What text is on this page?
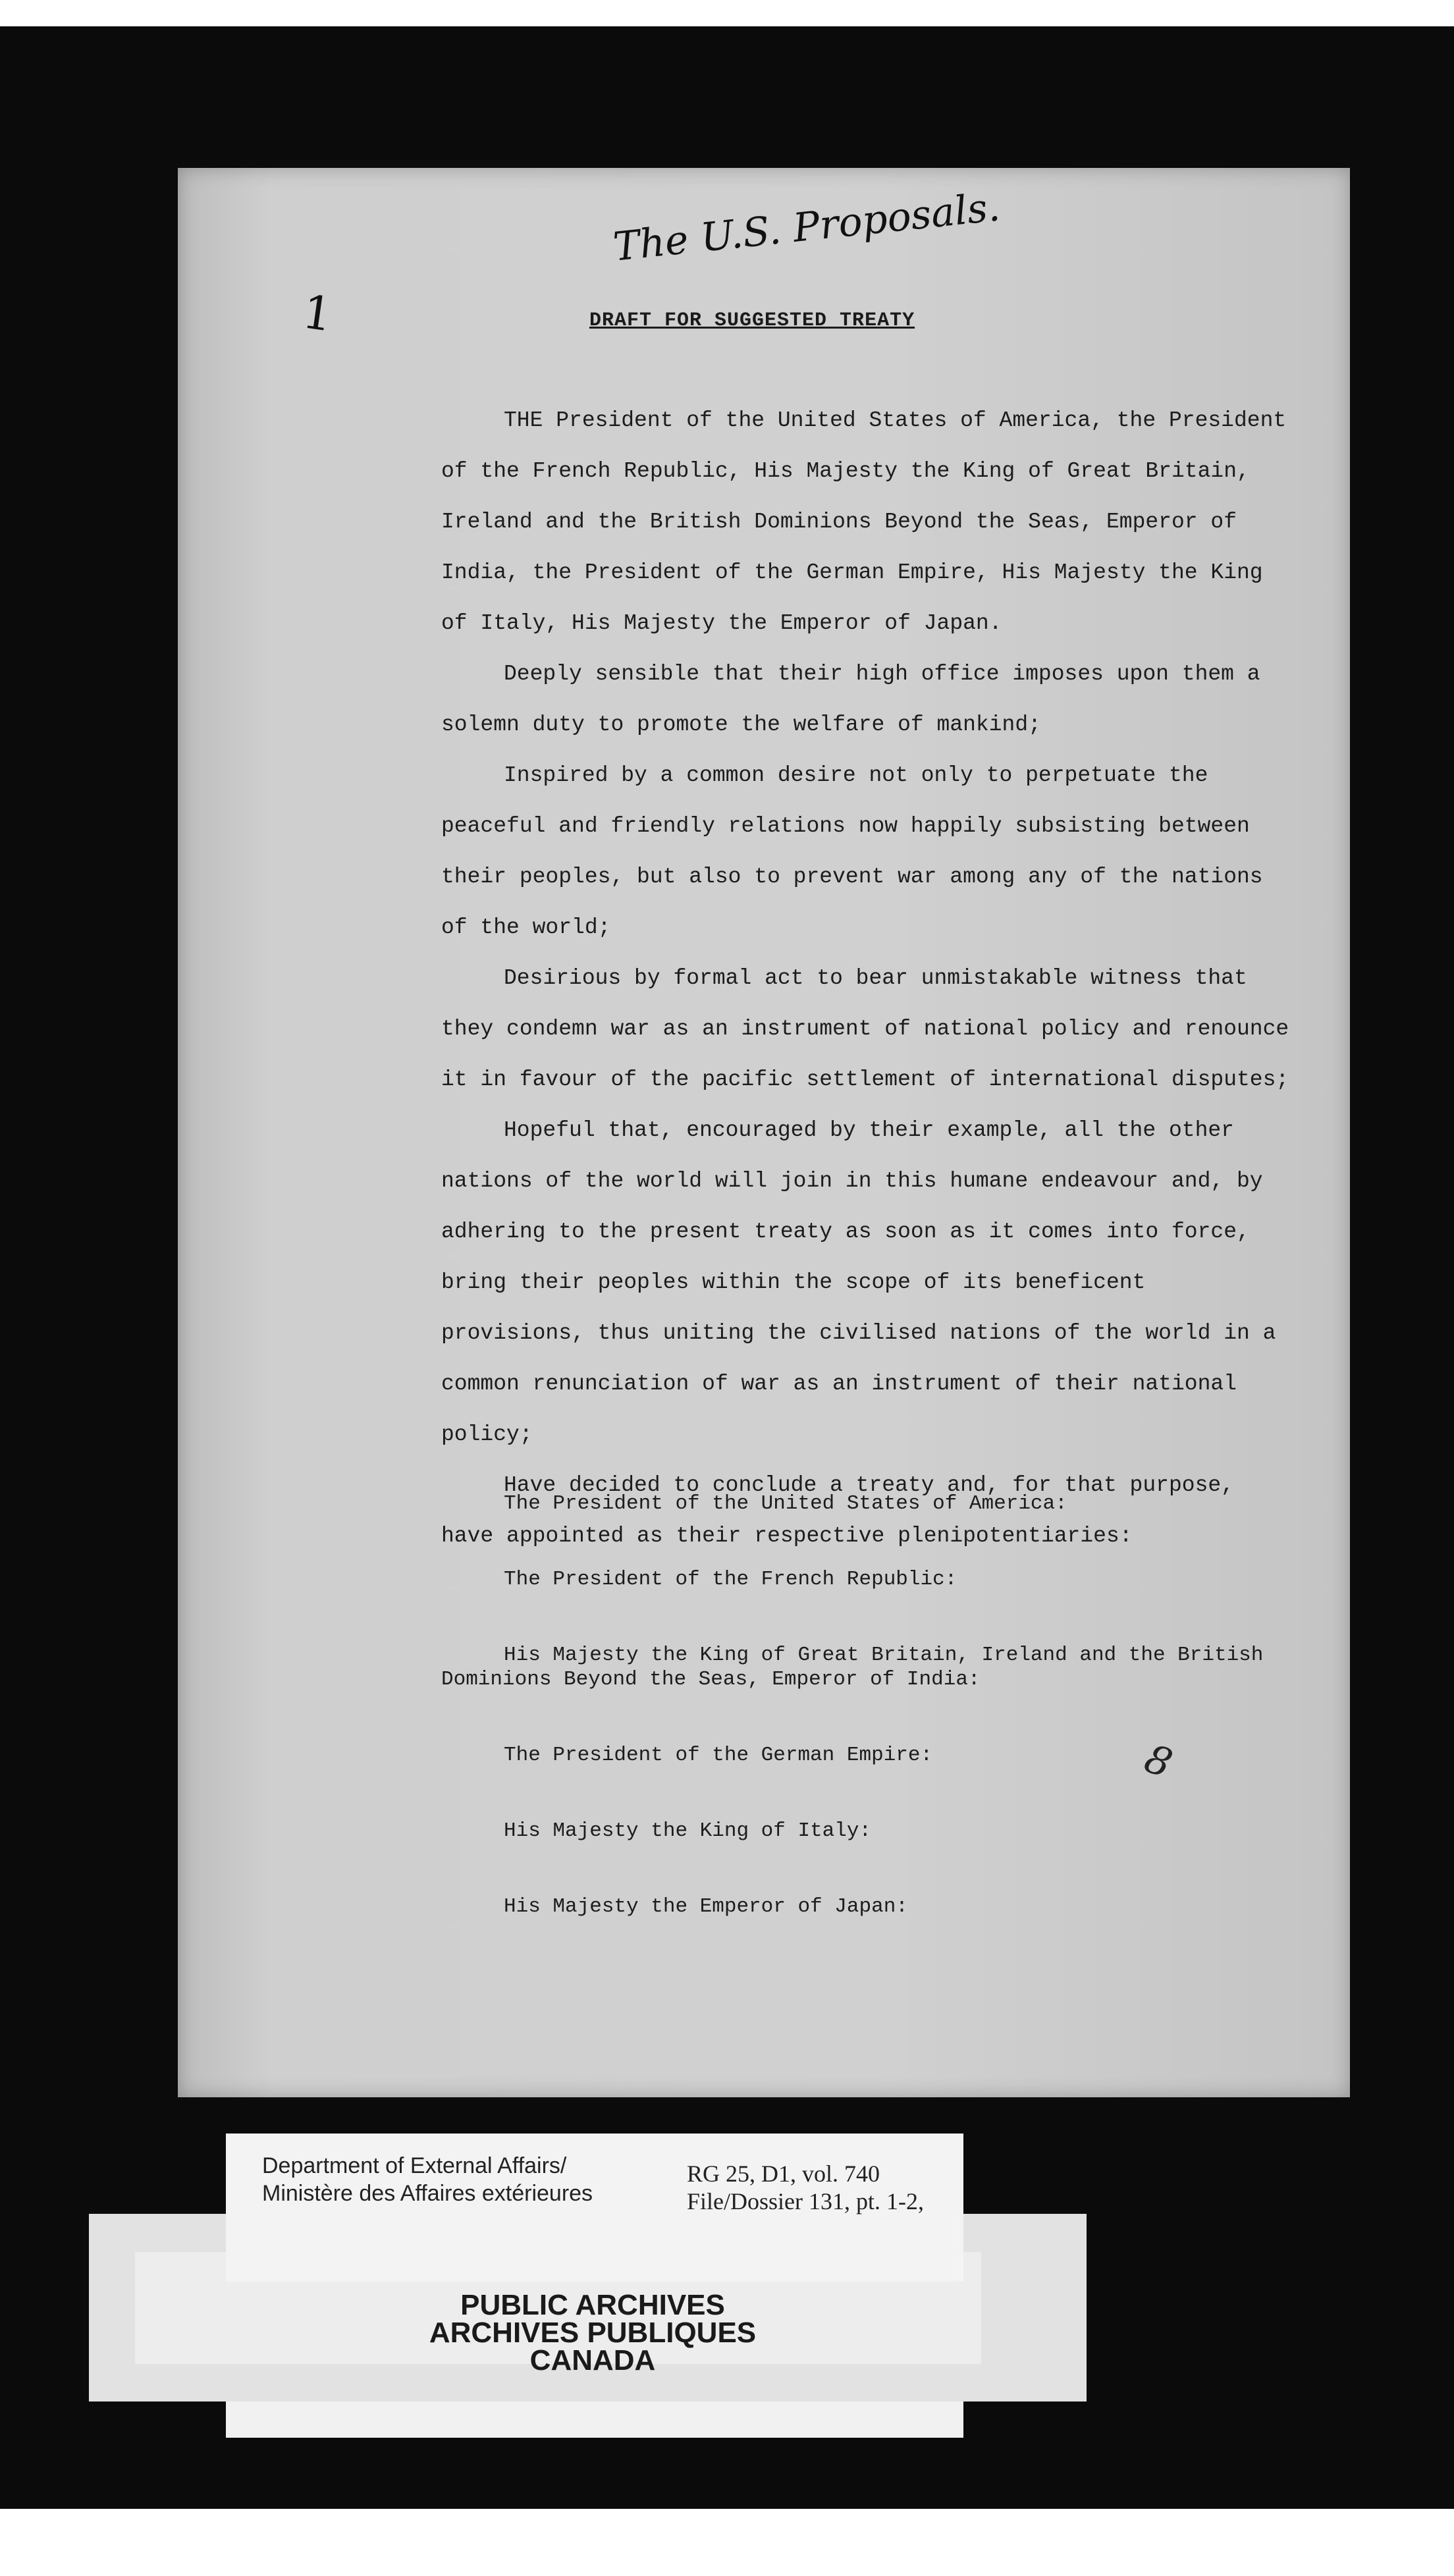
1
The U.S. Proposals.
DRAFT FOR SUGGESTED TREATY

THE President of the United States of America, the President of the French Republic, His Majesty the King of Great Britain, Ireland and the British Dominions Beyond the Seas, Emperor of India, the President of the German Empire, His Majesty the King of Italy, His Majesty the Emperor of Japan.

Deeply sensible that their high office imposes upon them a solemn duty to promote the welfare of mankind;

Inspired by a common desire not only to perpetuate the peaceful and friendly relations now happily subsisting between their peoples, but also to prevent war among any of the nations of the world;

Desirious by formal act to bear unmistakable witness that they condemn war as an instrument of national policy and renounce it in favour of the pacific settlement of international disputes;

Hopeful that, encouraged by their example, all the other nations of the world will join in this humane endeavour and, by adhering to the present treaty as soon as it comes into force, bring their peoples within the scope of its beneficent provisions, thus uniting the civilised nations of the world in a common renunciation of war as an instrument of their national policy;

Have decided to conclude a treaty and, for that purpose, have appointed as their respective plenipotentiaries:

The President of the United States of America:

The President of the French Republic:

His Majesty the King of Great Britain, Ireland and the British Dominions Beyond the Seas, Emperor of India:

The President of the German Empire:

His Majesty the King of Italy:

His Majesty the Emperor of Japan:

8
Department of External Affairs/
Ministère des Affaires extérieures
RG 25, D1, vol. 740
File/Dossier 131, pt. 1-2,
PUBLIC ARCHIVES
ARCHIVES PUBLIQUES
CANADA
